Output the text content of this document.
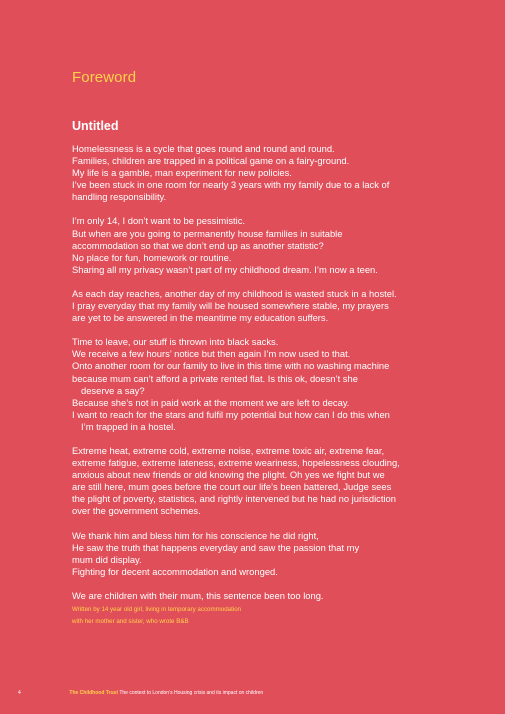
Foreword
Untitled
Homelessness is a cycle that goes round and round and round.
Families, children are trapped in a political game on a fairy-ground.
My life is a gamble, man experiment for new policies.
I’ve been stuck in one room for nearly 3 years with my family due to a lack of
handling responsibility.
I’m only 14, I don’t want to be pessimistic.
But when are you going to permanently house families in suitable
accommodation so that we don’t end up as another statistic?
No place for fun, homework or routine.
Sharing all my privacy wasn’t part of my childhood dream. I’m now a teen.
As each day reaches, another day of my childhood is wasted stuck in a hostel.
I pray everyday that my family will be housed somewhere stable, my prayers
are yet to be answered in the meantime my education suffers.
Time to leave, our stuff is thrown into black sacks.
We receive a few hours’ notice but then again I’m now used to that.
Onto another room for our family to live in this time with no washing machine
because mum can’t afford a private rented flat. Is this ok, doesn’t she
deserve a say?
Because she’s not in paid work at the moment we are left to decay.
I want to reach for the stars and fulfil my potential but how can I do this when
I’m trapped in a hostel.
Extreme heat, extreme cold, extreme noise, extreme toxic air, extreme fear,
extreme fatigue, extreme lateness, extreme weariness, hopelessness clouding,
anxious about new friends or old knowing the plight. Oh yes we fight but we
are still here, mum goes before the court our life’s been battered, Judge sees
the plight of poverty, statistics, and rightly intervened but he had no jurisdiction
over the government schemes.
We thank him and bless him for his conscience he did right,
He saw the truth that happens everyday and saw the passion that my
mum did display.
Fighting for decent accommodation and wronged.
We are children with their mum, this sentence been too long.
Written by 14 year old girl, living in temporary accommodation
with her mother and sister, who wrote B&B
4	The Childhood Trust The context to London’s Housing crisis and its impact on children
